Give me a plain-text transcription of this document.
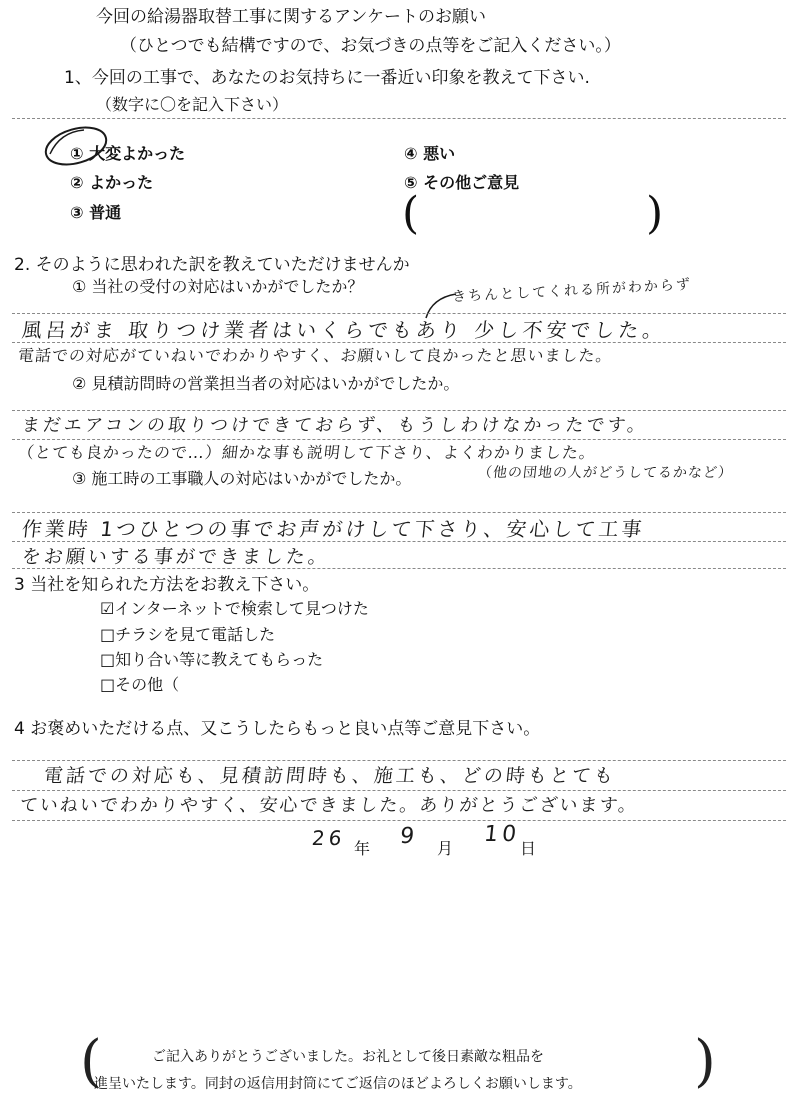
今回の給湯器取替工事に関するアンケートのお願い
（ひとつでも結構ですので、お気づきの点等をご記入ください。）
1、今回の工事で、あなたのお気持ちに一番近い印象を教えて下さい.
（数字に〇を記入下さい）
① 大変よかった
② よかった
③ 普通
④ 悪い
⑤ その他ご意見
(	)
2. そのように思われた訳を教えていただけませんか
① 当社の受付の対応はいかがでしたか？	きちんとしてくれる所がわからず
風呂がま 取りつけ業者はいくらでもあり 少し不安でした。
電話での対応がていねいでわかりやすく、お願いして良かったと思いました。
② 見積訪問時の営業担当者の対応はいかがでしたか。
まだエアコンの取りつけできておらず、もうしわけなかったです。
（とても良かったので…）細かな事も説明して下さり、よくわかりました。
③ 施工時の工事職人の対応はいかがでしたか。	（他の団地の人がどうしてるかなど）
作業時 1つひとつの事でお声がけして下さり、安心して工事
をお願いする事ができました。
3 当社を知られた方法をお教え下さい。
☑インターネットで検索して見つけた
□チラシを見て電話した
□知り合い等に教えてもらった
□その他（
4 お褒めいただける点、又こうしたらもっと良い点等ご意見下さい。
電話での対応も、見積訪問時も、施工も、どの時もとても
ていねいでわかりやすく、安心できました。ありがとうございます。
26 年 9 月
10
日
(	)
ご記入ありがとうございました。お礼として後日素敵な粗品を
進呈いたします。同封の返信用封筒にてご返信のほどよろしくお願いします。
